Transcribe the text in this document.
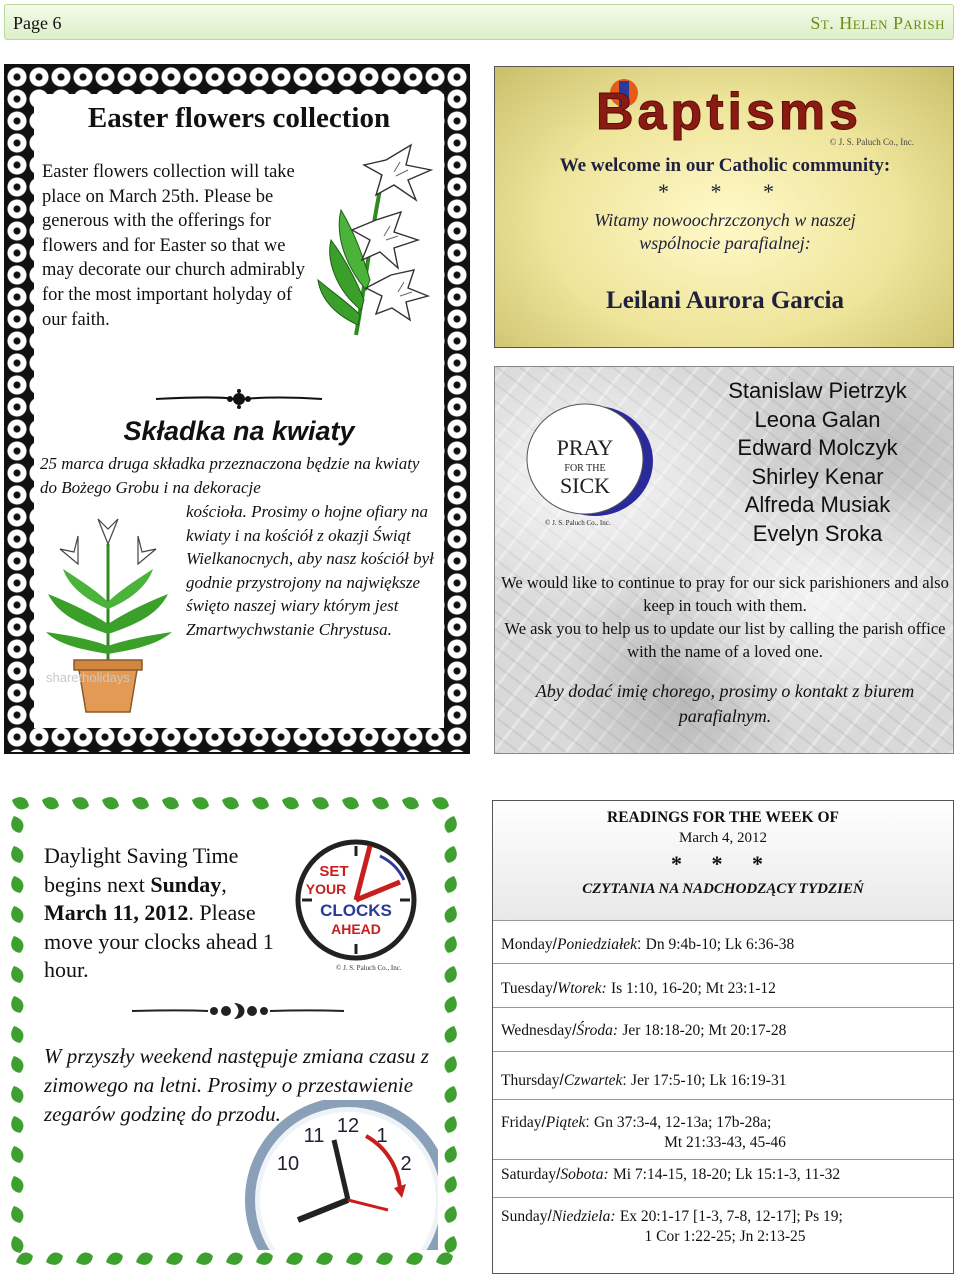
Page 6	St. Helen Parish
Easter flowers collection
Easter flowers collection will take place on March 25th. Please be generous with the offerings for flowers and for Easter so that we may decorate our church admirably for the most important holyday of our faith.
Składka na kwiaty
25 marca druga składka przeznaczona będzie na kwiaty do Bożego Grobu i na dekoracje
kościoła. Prosimy o hojne ofiary na kwiaty i na kościół z okazji Świąt Wielkanocnych, aby nasz kościół był godnie przystrojony na największe święto naszej wiary którym jest Zmartwychwstanie Chrystusa.
sharetholidays
Baptisms
© J. S. Paluch Co., Inc.
We welcome in our Catholic community:
* * *
Witamy nowoochrzczonych w naszej wspólnocie parafialnej:
Leilani Aurora Garcia
PRAY
FOR THE
SICK
© J. S. Paluch Co., Inc.
Stanislaw Pietrzyk
Leona Galan
Edward Molczyk
Shirley Kenar
Alfreda Musiak
Evelyn Sroka
We would like to continue to pray for our sick parishioners and also keep in touch with them.
We ask you to help us to update our list by calling the parish office with the name of a loved one.
Aby dodać imię chorego, prosimy o kontakt z biurem parafialnym.
Daylight Saving Time begins next Sunday, March 11, 2012. Please move your clocks ahead 1 hour.
SET
YOUR
CLOCKS
AHEAD
© J. S. Paluch Co., Inc.
W przyszły weekend następuje zmiana czasu z zimowego na letni. Prosimy o przestawienie zegarów godzinę do przodu.	12 1
2
11
10
READINGS FOR THE WEEK OF
March 4, 2012
* * *
CZYTANIA NA NADCHODZĄCY TYDZIEŃ
Monday/Poniedziałek: Dn 9:4b-10; Lk 6:36-38
Tuesday/Wtorek: Is 1:10, 16-20; Mt 23:1-12
Wednesday/Środa: Jer 18:18-20; Mt 20:17-28
Thursday/Czwartek: Jer 17:5-10; Lk 16:19-31
Friday/Piątek: Gn 37:3-4, 12-13a; 17b-28a;
Mt 21:33-43, 45-46
Saturday/Sobota: Mi 7:14-15, 18-20; Lk 15:1-3, 11-32
Sunday/Niedziela: Ex 20:1-17 [1-3, 7-8, 12-17]; Ps 19;
1 Cor 1:22-25; Jn 2:13-25
